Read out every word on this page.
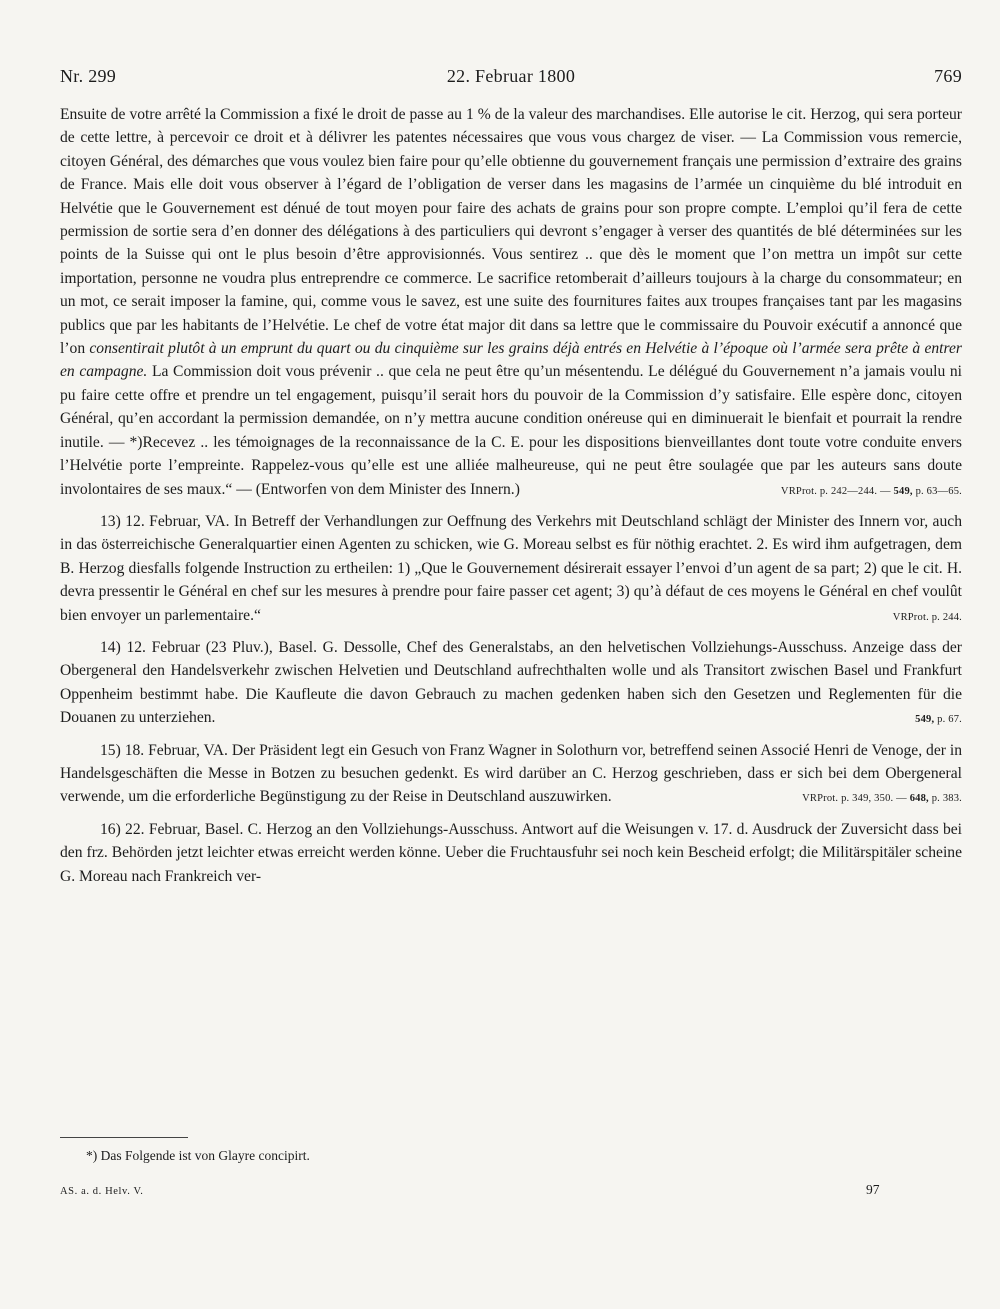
Nr. 299	22. Februar 1800	769

Ensuite de votre arrêté la Commission a fixé le droit de passe au 1 % de la valeur des marchandises. Elle autorise le cit. Herzog, qui sera porteur de cette lettre, à percevoir ce droit et à délivrer les patentes nécessaires que vous vous chargez de viser. — La Commission vous remercie, citoyen Général, des démarches que vous voulez bien faire pour qu’elle obtienne du gouvernement français une permission d’extraire des grains de France. Mais elle doit vous observer à l’égard de l’obligation de verser dans les magasins de l’armée un cinquième du blé introduit en Helvétie que le Gouvernement est dénué de tout moyen pour faire des achats de grains pour son propre compte. L’emploi qu’il fera de cette permission de sortie sera d’en donner des délégations à des particuliers qui devront s’engager à verser des quantités de blé déterminées sur les points de la Suisse qui ont le plus besoin d’être approvisionnés. Vous sentirez .. que dès le moment que l’on mettra un impôt sur cette importation, personne ne voudra plus entreprendre ce commerce. Le sacrifice retomberait d’ailleurs toujours à la charge du consommateur; en un mot, ce serait imposer la famine, qui, comme vous le savez, est une suite des fournitures faites aux troupes françaises tant par les magasins publics que par les habitants de l’Helvétie. Le chef de votre état major dit dans sa lettre que le commissaire du Pouvoir exécutif a annoncé que l’on consentirait plutôt à un emprunt du quart ou du cinquième sur les grains déjà entrés en Helvétie à l’époque où l’armée sera prête à entrer en campagne. La Commission doit vous prévenir .. que cela ne peut être qu’un mésentendu. Le délégué du Gouvernement n’a jamais voulu ni pu faire cette offre et prendre un tel engagement, puisqu’il serait hors du pouvoir de la Commission d’y satisfaire. Elle espère donc, citoyen Général, qu’en accordant la permission demandée, on n’y mettra aucune condition onéreuse qui en diminuerait le bienfait et pourrait la rendre inutile. — *)Recevez .. les témoignages de la reconnaissance de la C. E. pour les dispositions bienveillantes dont toute votre conduite envers l’Helvétie porte l’empreinte. Rappelez-vous qu’elle est une alliée malheureuse, qui ne peut être soulagée que par les auteurs sans doute involontaires de ses maux.“ — (Entworfen von dem Minister des Innern.)	VRProt. p. 242—244. — 549, p. 63—65.

13) 12. Februar, VA. In Betreff der Verhandlungen zur Oeffnung des Verkehrs mit Deutschland schlägt der Minister des Innern vor, auch in das österreichische Generalquartier einen Agenten zu schicken, wie G. Moreau selbst es für nöthig erachtet. 2. Es wird ihm aufgetragen, dem B. Herzog diesfalls folgende Instruction zu ertheilen: 1) „Que le Gouvernement désirerait essayer l’envoi d’un agent de sa part; 2) que le cit. H. devra pressentir le Général en chef sur les mesures à prendre pour faire passer cet agent; 3) qu’à défaut de ces moyens le Général en chef voulût bien envoyer un parlementaire.“	VRProt. p. 244.

14) 12. Februar (23 Pluv.), Basel. G. Dessolle, Chef des Generalstabs, an den helvetischen Vollziehungs-Ausschuss. Anzeige dass der Obergeneral den Handelsverkehr zwischen Helvetien und Deutschland aufrechthalten wolle und als Transitort zwischen Basel und Frankfurt Oppenheim bestimmt habe. Die Kaufleute die davon Gebrauch zu machen gedenken haben sich den Gesetzen und Reglementen für die Douanen zu unterziehen.	549, p. 67.

15) 18. Februar, VA. Der Präsident legt ein Gesuch von Franz Wagner in Solothurn vor, betreffend seinen Associé Henri de Venoge, der in Handelsgeschäften die Messe in Botzen zu besuchen gedenkt. Es wird darüber an C. Herzog geschrieben, dass er sich bei dem Obergeneral verwende, um die erforderliche Begünstigung zu der Reise in Deutschland auszuwirken.	VRProt. p. 349, 350. — 648, p. 383.

16) 22. Februar, Basel. C. Herzog an den Vollziehungs-Ausschuss. Antwort auf die Weisungen v. 17. d. Ausdruck der Zuversicht dass bei den frz. Behörden jetzt leichter etwas erreicht werden könne. Ueber die Fruchtausfuhr sei noch kein Bescheid erfolgt; die Militärspitäler scheine G. Moreau nach Frankreich ver-

*) Das Folgende ist von Glayre concipirt.
AS. a. d. Helv. V.	97
